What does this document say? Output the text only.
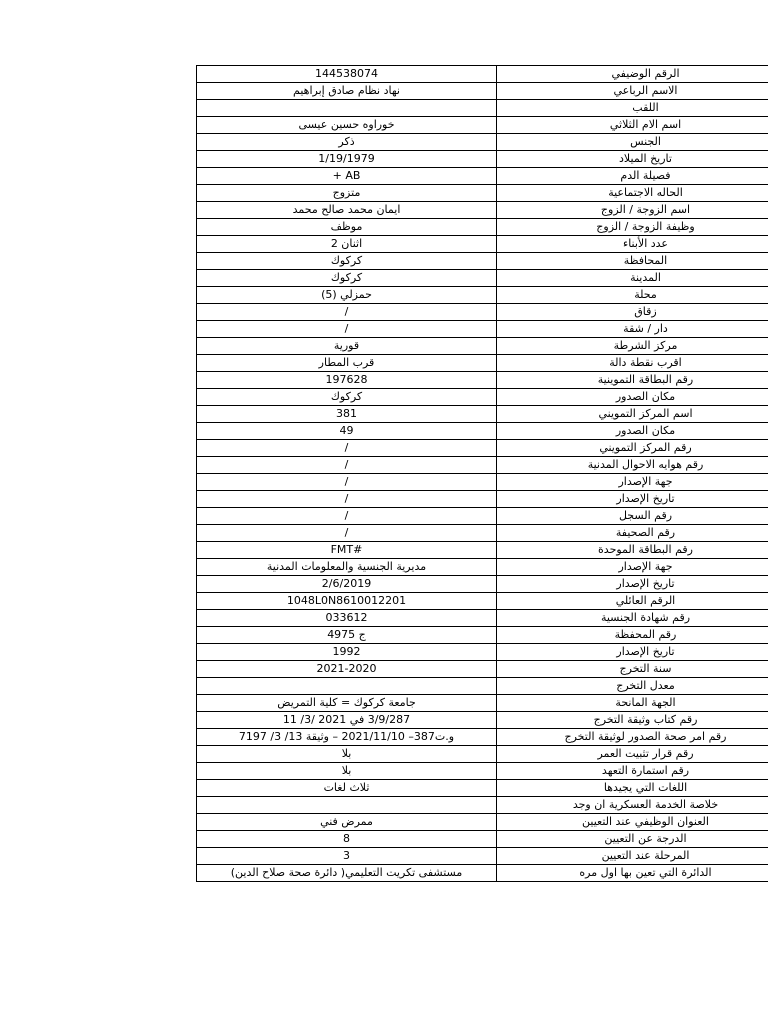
144538074	الرقم الوضيفي
نهاد نظام صادق إبراهيم	الاسم الرباعي
	اللقب
خوراوه حسين عيسى	اسم الام الثلاثي
ذكر	الجنس
1/19/1979	تاريخ الميلاد
AB +	فصيلة الدم
متزوج	الحاله الاجتماعية
ايمان محمد صالح محمد	اسم الزوجة / الزوج
موظف	وظيفة الزوجة / الزوج
اثنان 2	عدد الأبناء
كركوك	المحافظة
كركوك	المدينة
حمزلي (5)	محلة
/	زقاق
/	دار / شقة
قورية	مركز الشرطة
قرب المطار	اقرب نقطة دالة
197628	رقم البطاقة التموينية
كركوك	مكان الصدور
381	اسم المركز التمويني
49	مكان الصدور
/	رقم المركز التمويني
/	رقم هوايه الاحوال المدنية
/	جهة الإصدار
/	تاريخ الإصدار
/	رقم السجل
/	رقم الصحيفة
#FMT	رقم البطاقة الموحدة
مديرية الجنسية والمعلومات المدنية	جهة الإصدار
2/6/2019	تاريخ الإصدار
1048L0N8610012201	الرقم العائلي
033612	رقم شهادة الجنسية
ج 4975	رقم المحفظة
1992	تاريخ الإصدار
2021-2020	سنة التخرج
	معدل التخرج
جامعة كركوك = كلية التمريض	الجهة المانحة
3/9/287 في 2021 /3/ 11	رقم كتاب وثيقة التخرج
و.ت387– 2021/11/10 – وثيقة 13/ 3/ 7197	رقم امر صحة الصدور لوثيقة التخرج
بلا	رقم قرار تثبيت العمر
بلا	رقم استمارة التعهد
ثلاث لغات	اللغات التي يجيدها
	خلاصة الخدمة العسكرية ان وجد
ممرض فني	العنوان الوظيفي عند التعيين
8	الدرجة عن التعيين
3	المرحلة عند التعيين
مستشفى تكريت التعليمي( دائرة صحة صلاح الدين)	الدائرة التي تعين بها اول مره
